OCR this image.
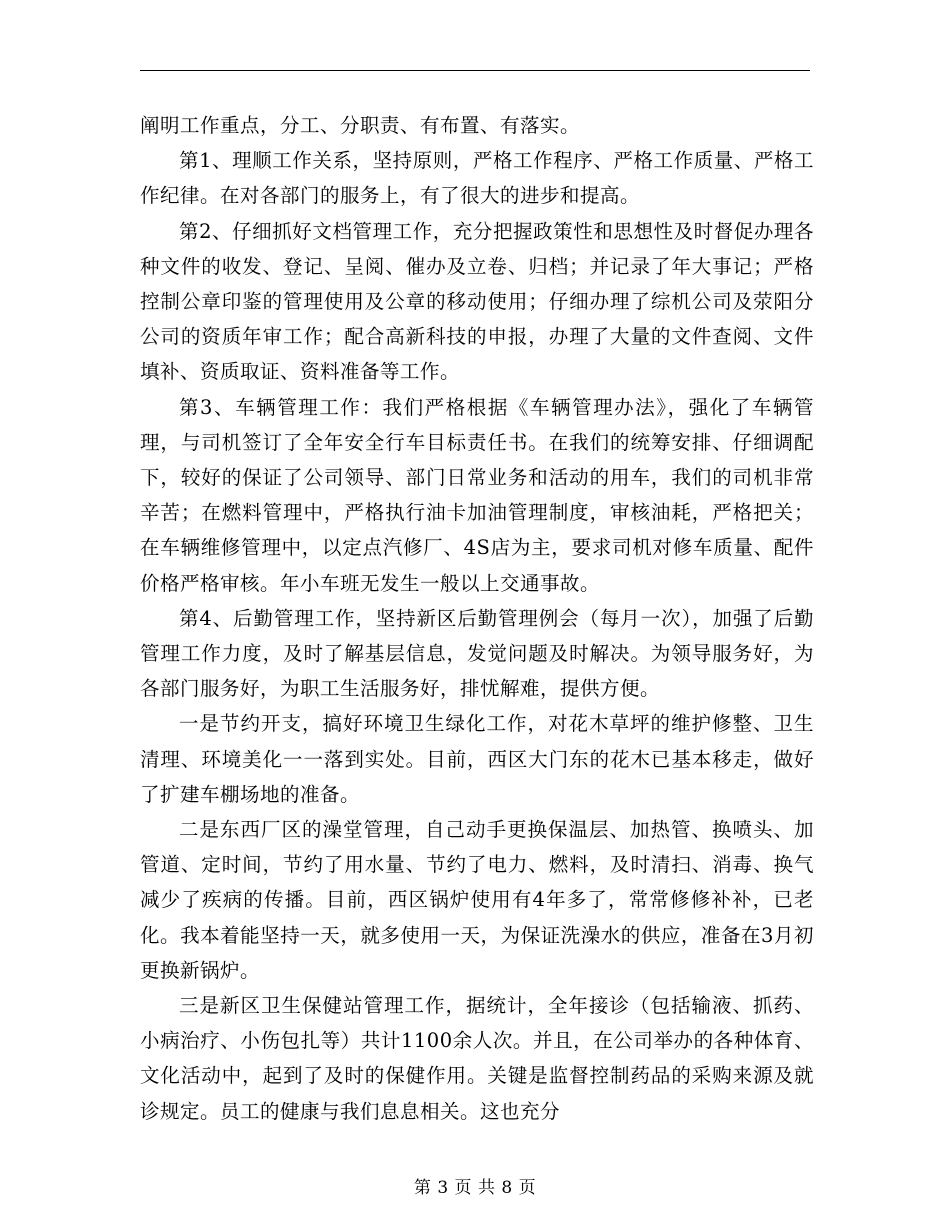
阐明工作重点，分工、分职责、有布置、有落实。

第1、理顺工作关系，坚持原则，严格工作程序、严格工作质量、严格工作纪律。在对各部门的服务上，有了很大的进步和提高。

第2、仔细抓好文档管理工作，充分把握政策性和思想性及时督促办理各种文件的收发、登记、呈阅、催办及立卷、归档；并记录了年大事记；严格控制公章印鉴的管理使用及公章的移动使用；仔细办理了综机公司及荥阳分公司的资质年审工作；配合高新科技的申报，办理了大量的文件查阅、文件填补、资质取证、资料准备等工作。

第3、车辆管理工作：我们严格根据《车辆管理办法》，强化了车辆管理，与司机签订了全年安全行车目标责任书。在我们的统筹安排、仔细调配下，较好的保证了公司领导、部门日常业务和活动的用车，我们的司机非常辛苦；在燃料管理中，严格执行油卡加油管理制度，审核油耗，严格把关；在车辆维修管理中，以定点汽修厂、4S店为主，要求司机对修车质量、配件价格严格审核。年小车班无发生一般以上交通事故。

第4、后勤管理工作，坚持新区后勤管理例会（每月一次），加强了后勤管理工作力度，及时了解基层信息，发觉问题及时解决。为领导服务好，为各部门服务好，为职工生活服务好，排忧解难，提供方便。

一是节约开支，搞好环境卫生绿化工作，对花木草坪的维护修整、卫生清理、环境美化一一落到实处。目前，西区大门东的花木已基本移走，做好了扩建车棚场地的准备。

二是东西厂区的澡堂管理，自己动手更换保温层、加热管、换喷头、加管道、定时间，节约了用水量、节约了电力、燃料，及时清扫、消毒、换气减少了疾病的传播。目前，西区锅炉使用有4年多了，常常修修补补，已老化。我本着能坚持一天，就多使用一天，为保证洗澡水的供应，准备在3月初更换新锅炉。

三是新区卫生保健站管理工作，据统计，全年接诊（包括输液、抓药、小病治疗、小伤包扎等）共计1100余人次。并且，在公司举办的各种体育、文化活动中，起到了及时的保健作用。关键是监督控制药品的采购来源及就诊规定。员工的健康与我们息息相关。这也充分

第 3 页 共 8 页
